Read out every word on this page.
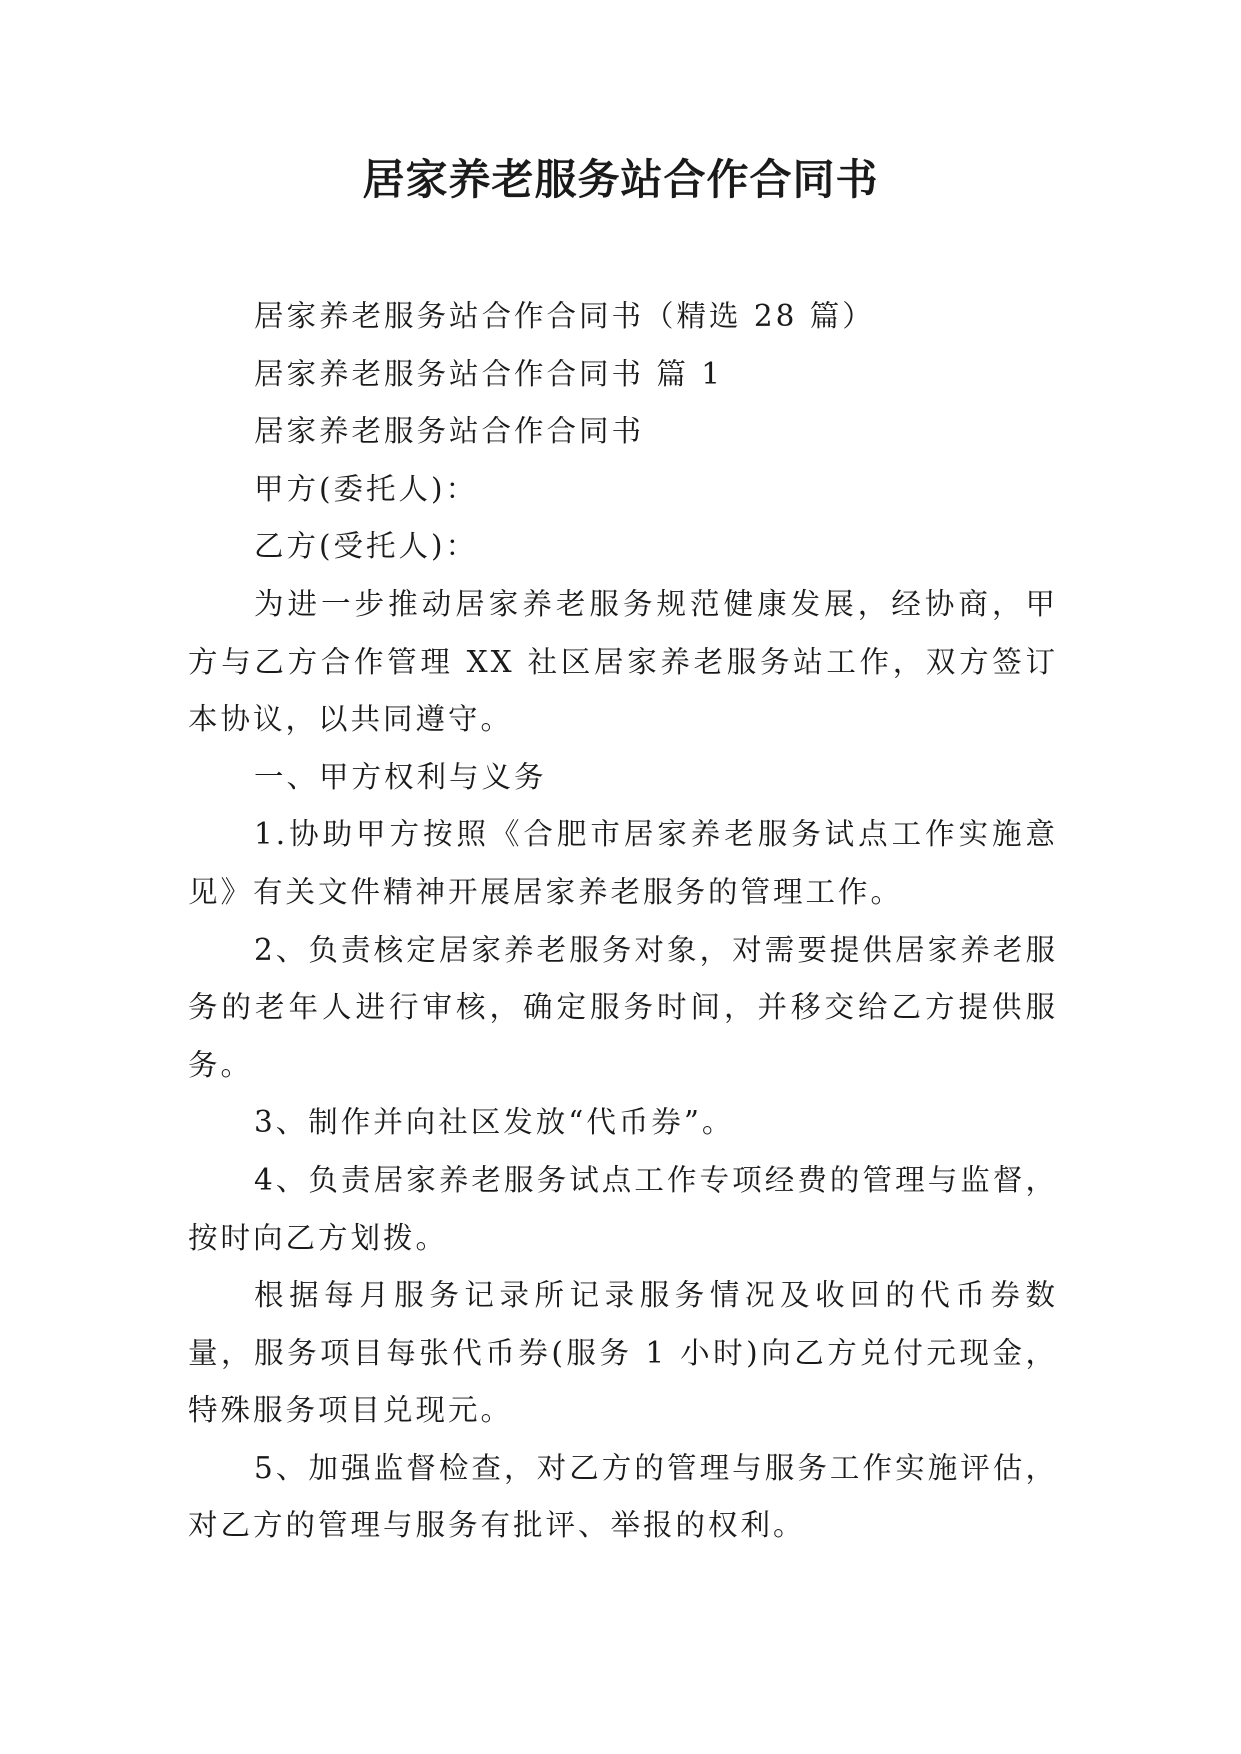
居家养老服务站合作合同书

居家养老服务站合作合同书（精选 28 篇）

居家养老服务站合作合同书 篇 1

居家养老服务站合作合同书

甲方(委托人)：

乙方(受托人)：

为进一步推动居家养老服务规范健康发展，经协商，甲方与乙方合作管理 XX 社区居家养老服务站工作，双方签订本协议，以共同遵守。

一、甲方权利与义务

1.协助甲方按照《合肥市居家养老服务试点工作实施意见》有关文件精神开展居家养老服务的管理工作。

2、负责核定居家养老服务对象，对需要提供居家养老服务的老年人进行审核，确定服务时间，并移交给乙方提供服务。

3、制作并向社区发放“代币券”。

4、负责居家养老服务试点工作专项经费的管理与监督，按时向乙方划拨。

根据每月服务记录所记录服务情况及收回的代币券数量，服务项目每张代币券(服务 1 小时)向乙方兑付元现金，特殊服务项目兑现元。

5、加强监督检查，对乙方的管理与服务工作实施评估，对乙方的管理与服务有批评、举报的权利。
